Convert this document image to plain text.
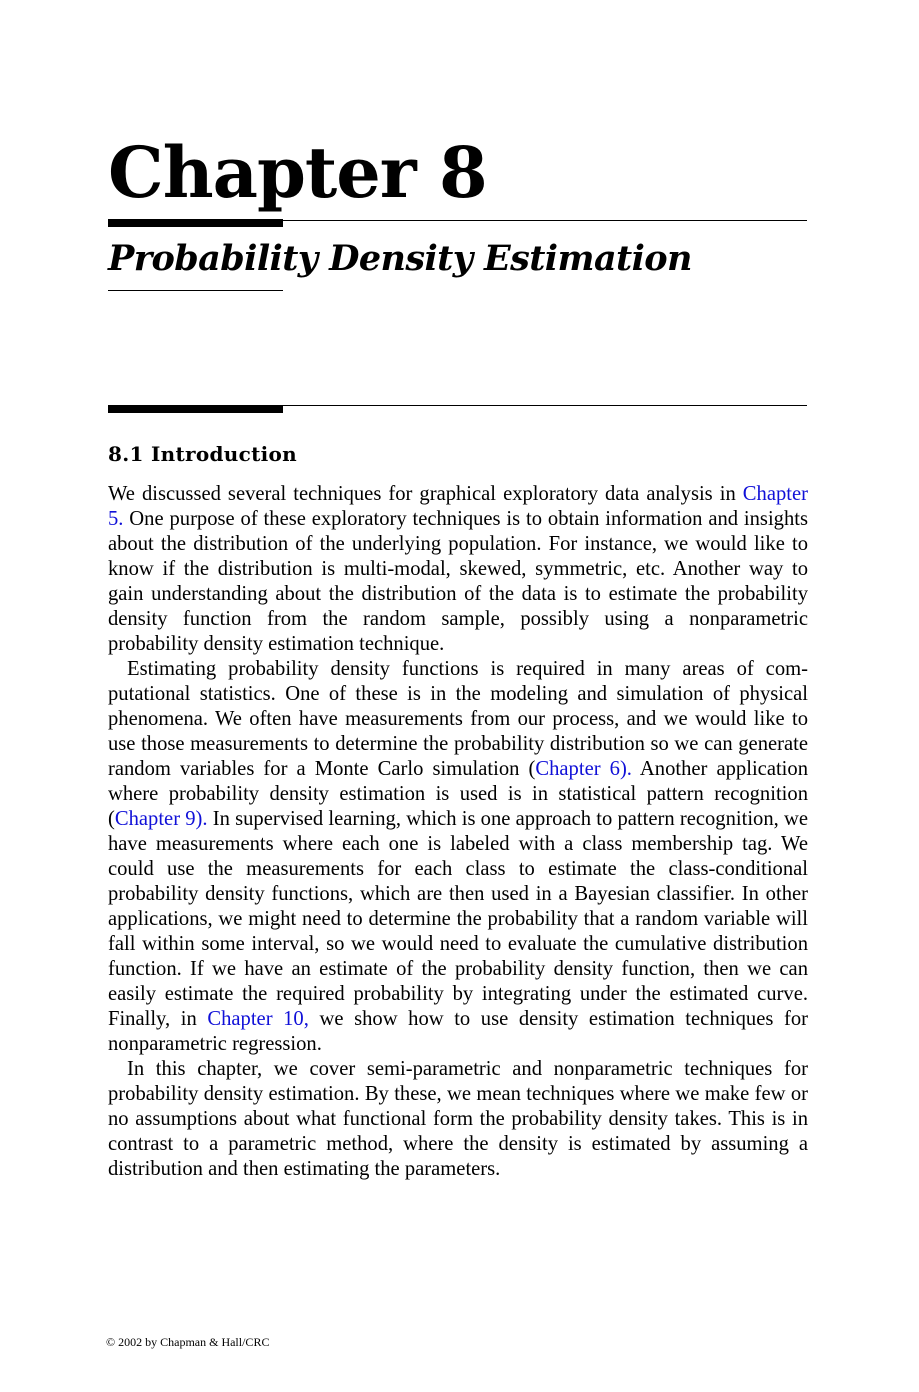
Chapter 8
Probability Density Estimation
8.1 Introduction

We discussed several techniques for graphical exploratory data analysis in Chapter 5. One purpose of these exploratory techniques is to obtain information and insights about the distribution of the underlying population. For instance, we would like to know if the distribution is multi-modal, skewed, symmetric, etc. Another way to gain understanding about the distribution of the data is to estimate the probability density function from the random sample, possibly using a nonparametric probability density estimation technique.

Estimating probability density functions is required in many areas of computational statistics. One of these is in the modeling and simulation of physical phenomena. We often have measurements from our process, and we would like to use those measurements to determine the probability distribution so we can generate random variables for a Monte Carlo simulation (Chapter 6). Another application where probability density estimation is used is in statistical pattern recognition (Chapter 9). In supervised learning, which is one approach to pattern recognition, we have measurements where each one is labeled with a class membership tag. We could use the measurements for each class to estimate the class-conditional probability density functions, which are then used in a Bayesian classifier. In other applications, we might need to determine the probability that a random variable will fall within some interval, so we would need to evaluate the cumulative distribution function. If we have an estimate of the probability density function, then we can easily estimate the required probability by integrating under the estimated curve. Finally, in Chapter 10, we show how to use density estimation techniques for nonparametric regression.

In this chapter, we cover semi-parametric and nonparametric techniques for probability density estimation. By these, we mean techniques where we make few or no assumptions about what functional form the probability density takes. This is in contrast to a parametric method, where the density is estimated by assuming a distribution and then estimating the parameters.

© 2002 by Chapman & Hall/CRC
